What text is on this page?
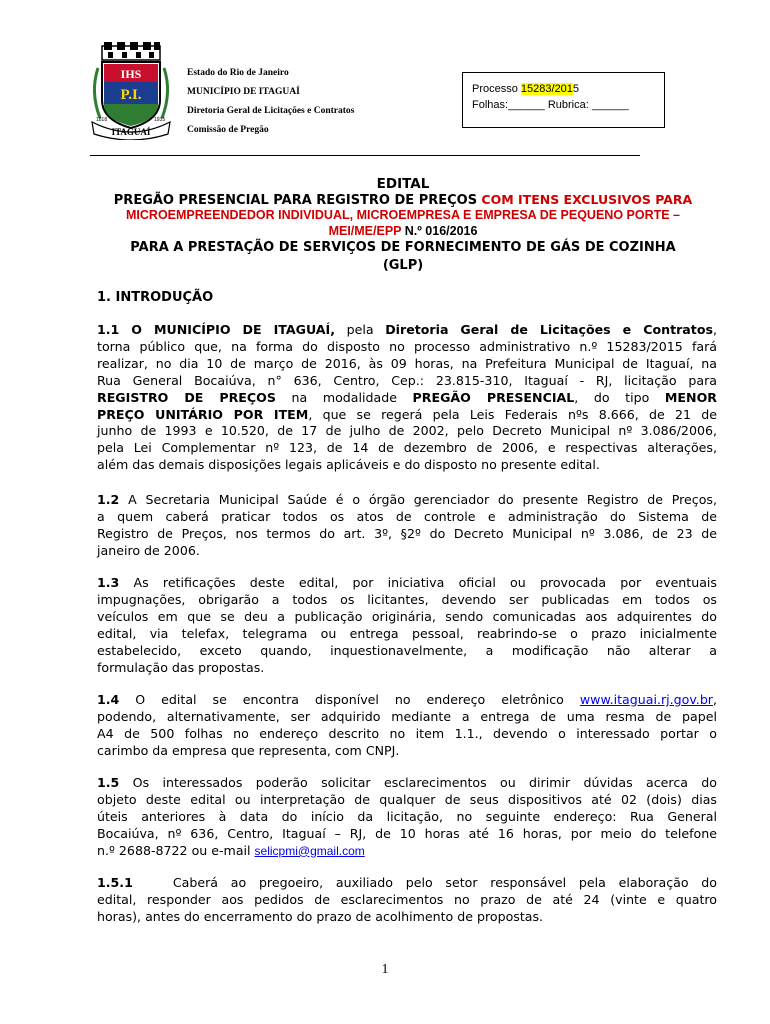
IHS
P.I.
ITAGUAÍ
1818	1935
Estado do Rio de Janeiro
MUNICÍPIO DE ITAGUAÍ
Diretoria Geral de Licitações e Contratos
Comissão de Pregão
Processo 15283/2015
Folhas:______ Rubrica: ______
EDITAL
PREGÃO PRESENCIAL PARA REGISTRO DE PREÇOS COM ITENS EXCLUSIVOS PARA
MICROEMPREENDEDOR INDIVIDUAL, MICROEMPRESA E EMPRESA DE PEQUENO PORTE –
MEI/ME/EPP N.º 016/2016
PARA A PRESTAÇÃO DE SERVIÇOS DE FORNECIMENTO DE GÁS DE COZINHA
(GLP)
1. INTRODUÇÃO
1.1 O MUNICÍPIO DE ITAGUAÍ, pela Diretoria Geral de Licitações e Contratos,
torna público que, na forma do disposto no processo administrativo n.º 15283/2015 fará
realizar, no dia 10 de março de 2016, às 09 horas, na Prefeitura Municipal de Itaguaí, na
Rua General Bocaiúva, n° 636, Centro, Cep.: 23.815-310, Itaguaí - RJ, licitação para
REGISTRO DE PREÇOS na modalidade PREGÃO PRESENCIAL, do tipo MENOR
PREÇO UNITÁRIO POR ITEM, que se regerá pela Leis Federais nºs 8.666, de 21 de
junho de 1993 e 10.520, de 17 de julho de 2002, pelo Decreto Municipal nº 3.086/2006,
pela Lei Complementar nº 123, de 14 de dezembro de 2006, e respectivas alterações,
além das demais disposições legais aplicáveis e do disposto no presente edital.
1.2 A Secretaria Municipal Saúde é o órgão gerenciador do presente Registro de Preços,
a quem caberá praticar todos os atos de controle e administração do Sistema de
Registro de Preços, nos termos do art. 3º, §2º do Decreto Municipal nº 3.086, de 23 de
janeiro de 2006.
1.3 As retificações deste edital, por iniciativa oficial ou provocada por eventuais
impugnações, obrigarão a todos os licitantes, devendo ser publicadas em todos os
veículos em que se deu a publicação originária, sendo comunicadas aos adquirentes do
edital, via telefax, telegrama ou entrega pessoal, reabrindo-se o prazo inicialmente
estabelecido, exceto quando, inquestionavelmente, a modificação não alterar a
formulação das propostas.
1.4 O edital se encontra disponível no endereço eletrônico www.itaguai.rj.gov.br,
podendo, alternativamente, ser adquirido mediante a entrega de uma resma de papel
A4 de 500 folhas no endereço descrito no item 1.1., devendo o interessado portar o
carimbo da empresa que representa, com CNPJ.
1.5 Os interessados poderão solicitar esclarecimentos ou dirimir dúvidas acerca do
objeto deste edital ou interpretação de qualquer de seus dispositivos até 02 (dois) dias
úteis anteriores à data do início da licitação, no seguinte endereço: Rua General
Bocaiúva, nº 636, Centro, Itaguaí – RJ, de 10 horas até 16 horas, por meio do telefone
n.º 2688-8722 ou e-mail selicpmi@gmail.com
1.5.1	Caberá ao pregoeiro, auxiliado pelo setor responsável pela elaboração do
edital, responder aos pedidos de esclarecimentos no prazo de até 24 (vinte e quatro
horas), antes do encerramento do prazo de acolhimento de propostas.
1
